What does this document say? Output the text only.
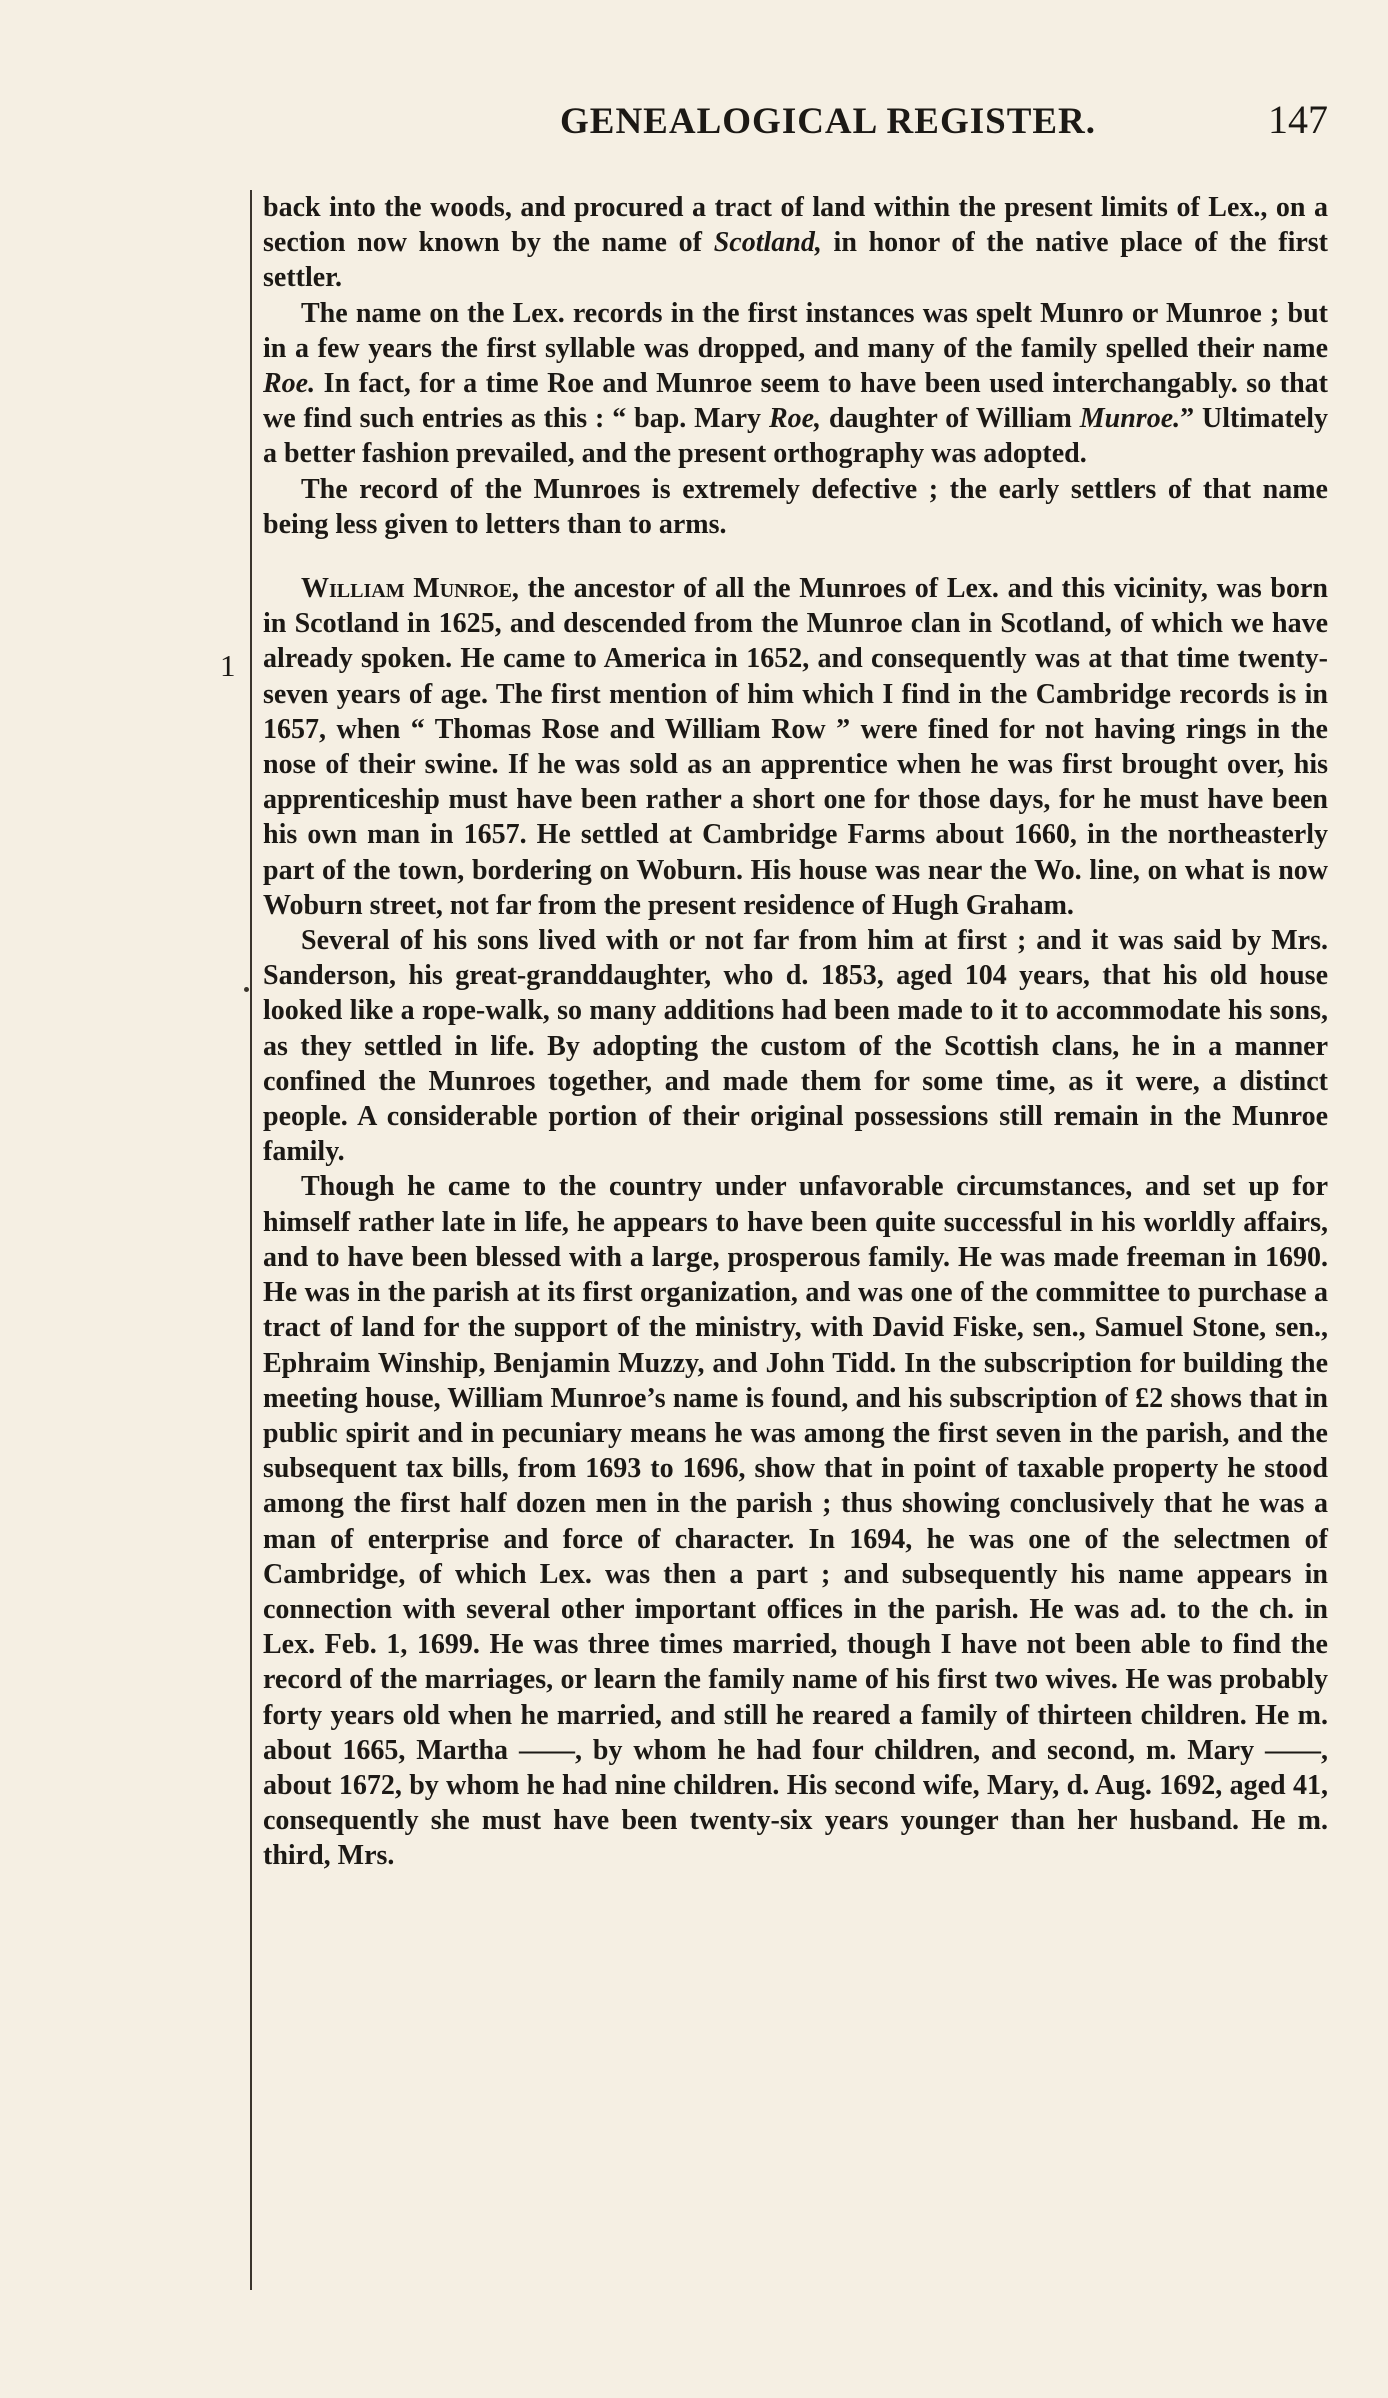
GENEALOGICAL REGISTER.	147
1

back into the woods, and procured a tract of land within the present limits of Lex., on a section now known by the name of Scotland, in honor of the native place of the first settler.

The name on the Lex. records in the first instances was spelt Munro or Munroe ; but in a few years the first syllable was dropped, and many of the family spelled their name Roe. In fact, for a time Roe and Munroe seem to have been used interchangably. so that we find such entries as this : “ bap. Mary Roe, daughter of William Munroe.” Ultimately a better fashion prevailed, and the present orthography was adopted.

The record of the Munroes is extremely defective ; the early settlers of that name being less given to letters than to arms.

William Munroe, the ancestor of all the Munroes of Lex. and this vicinity, was born in Scotland in 1625, and descended from the Munroe clan in Scotland, of which we have already spoken. He came to America in 1652, and consequently was at that time twenty-seven years of age. The first mention of him which I find in the Cambridge records is in 1657, when “ Thomas Rose and William Row ” were fined for not having rings in the nose of their swine. If he was sold as an apprentice when he was first brought over, his apprenticeship must have been rather a short one for those days, for he must have been his own man in 1657. He settled at Cambridge Farms about 1660, in the northeasterly part of the town, bordering on Woburn. His house was near the Wo. line, on what is now Woburn street, not far from the present residence of Hugh Graham.

Several of his sons lived with or not far from him at first ; and it was said by Mrs. Sanderson, his great-granddaughter, who d. 1853, aged 104 years, that his old house looked like a rope-walk, so many additions had been made to it to accommodate his sons, as they settled in life. By adopting the custom of the Scottish clans, he in a manner confined the Munroes together, and made them for some time, as it were, a distinct people. A considerable portion of their original possessions still remain in the Munroe family.

Though he came to the country under unfavorable circumstances, and set up for himself rather late in life, he appears to have been quite successful in his worldly affairs, and to have been blessed with a large, prosperous family. He was made freeman in 1690. He was in the parish at its first organization, and was one of the committee to purchase a tract of land for the support of the ministry, with David Fiske, sen., Samuel Stone, sen., Ephraim Winship, Benjamin Muzzy, and John Tidd. In the subscription for building the meeting house, William Munroe’s name is found, and his subscription of £2 shows that in public spirit and in pecuniary means he was among the first seven in the parish, and the subsequent tax bills, from 1693 to 1696, show that in point of taxable property he stood among the first half dozen men in the parish ; thus showing conclusively that he was a man of enterprise and force of character. In 1694, he was one of the selectmen of Cambridge, of which Lex. was then a part ; and subsequently his name appears in connection with several other important offices in the parish. He was ad. to the ch. in Lex. Feb. 1, 1699. He was three times married, though I have not been able to find the record of the marriages, or learn the family name of his first two wives. He was probably forty years old when he married, and still he reared a family of thirteen children. He m. about 1665, Martha ——, by whom he had four children, and second, m. Mary ——, about 1672, by whom he had nine children. His second wife, Mary, d. Aug. 1692, aged 41, consequently she must have been twenty-six years younger than her husband. He m. third, Mrs.
